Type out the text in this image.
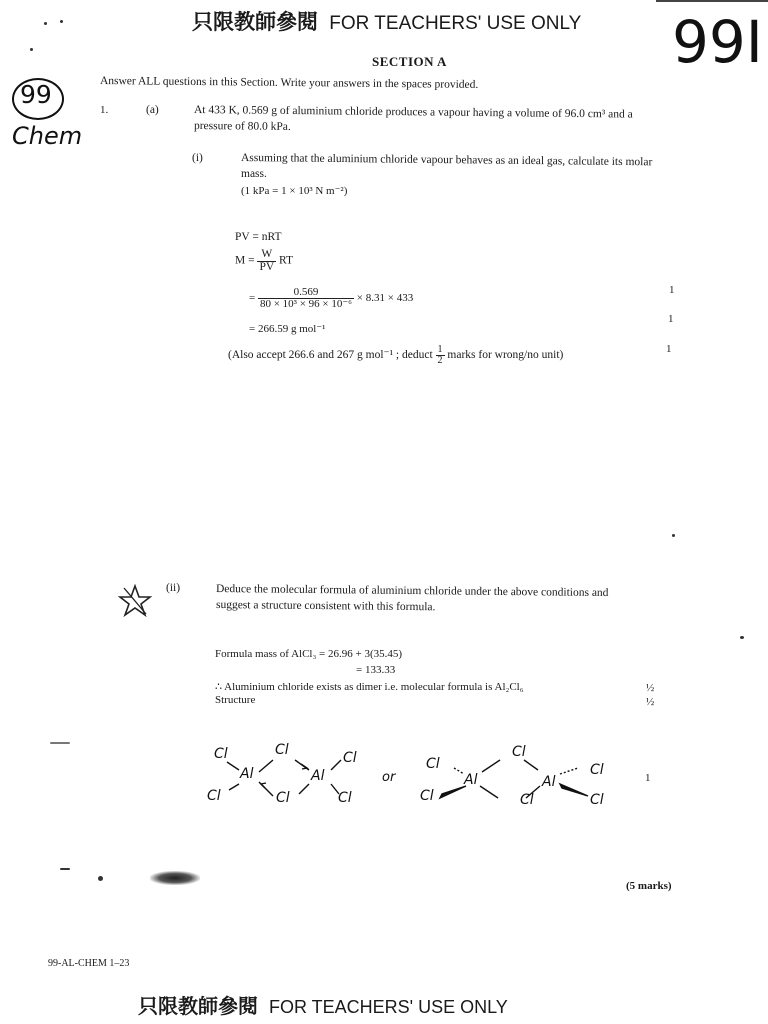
只限教師參閱 FOR TEACHERS' USE ONLY 99I
SECTION A
99
Chem
Answer ALL questions in this Section. Write your answers in the spaces provided.
1.	(a)	At 433 K, 0.569 g of aluminium chloride produces a vapour having a volume of 96.0 cm³ and a
pressure of 80.0 kPa.
(i)	Assuming that the aluminium chloride vapour behaves as an ideal gas, calculate its molar
mass.
(1 kPa = 1 × 10³ N m⁻²)
PV = nRT
$M = \frac{W}{PV}$ RT
= $\frac{0.569}{\text{80 × 10³ × 96 × 10⁻⁶}} \times 8.31 \times 433$
= 266.59 g mol⁻¹
(Also accept 266.6 and 267 g mol⁻¹ ; deduct $\frac{1}{2}$ marks for wrong/no unit)
1
1
1
(ii)	Deduce the molecular formula of aluminium chloride under the above conditions and
suggest a structure consistent with this formula.
Formula mass of AlCl₃ = 26.96 + 3(35.45)
= 133.33
∴ Aluminium chloride exists as dimer i.e. molecular formula is Al₂Cl₆
Structure
½
½
Cl	Cl	Cl
Al	Al
Cl	Cl	Cl
or
Cl
Cl
Cl
Al	Al
Cl	Cl	Cl
1
(5 marks)
99-AL-CHEM 1–23
只限教師參閱 FOR TEACHERS' USE ONLY
